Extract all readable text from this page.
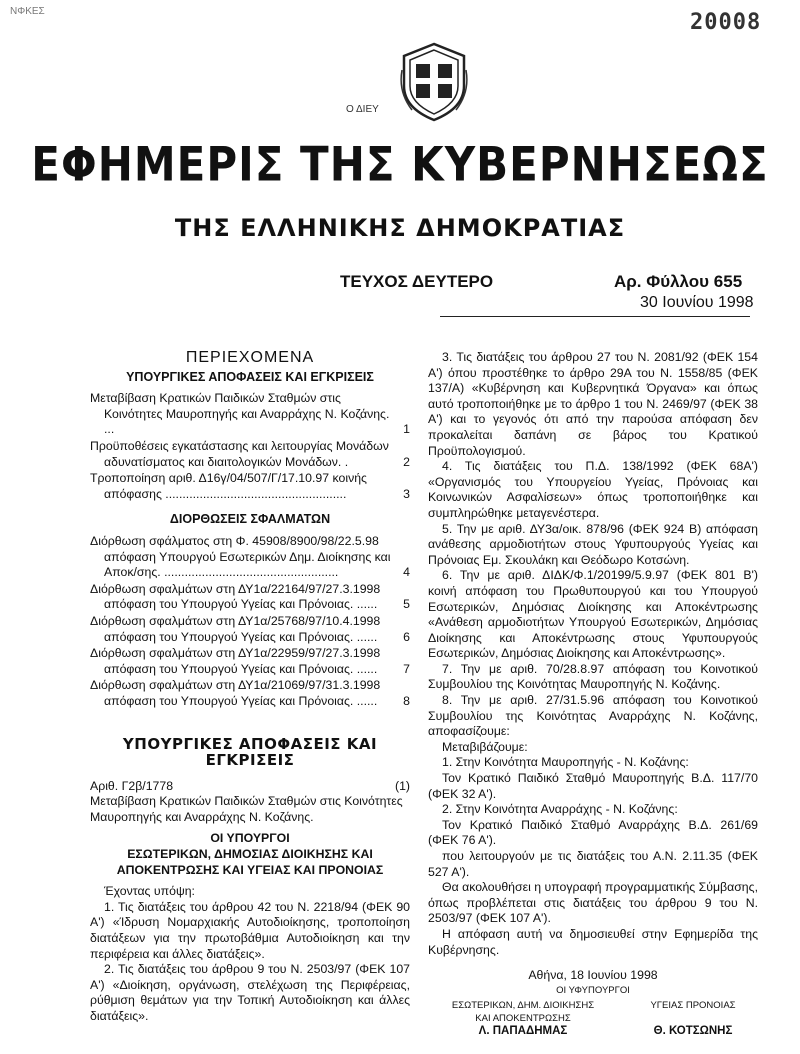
ΝΦΚΕΣ	20008
Ο ΔΙΕΥ
ΕΦΗΜΕΡΙΣ ΤΗΣ ΚΥΒΕΡΝΗΣΕΩΣ
ΤΗΣ ΕΛΛΗΝΙΚΗΣ ΔΗΜΟΚΡΑΤΙΑΣ
ΤΕΥΧΟΣ ΔΕΥΤΕΡΟ	Αρ. Φύλλου 655
30 Ιουνίου 1998
ΠΕΡΙΕΧΟΜΕΝΑ
ΥΠΟΥΡΓΙΚΕΣ ΑΠΟΦΑΣΕΙΣ ΚΑΙ ΕΓΚΡΙΣΕΙΣ
Μεταβίβαση Κρατικών Παιδικών Σταθμών στις Κοινότητες Μαυροπηγής και Αναρράχης Ν. Κοζάνης. ...	1
Προϋποθέσεις εγκατάστασης και λειτουργίας Μονάδων αδυνατίσματος και διαιτολογικών Μονάδων. .	2
Τροποποίηση αριθ. Δ16γ/04/507/Γ/17.10.97 κοινής απόφασης .....................................................	3
ΔΙΟΡΘΩΣΕΙΣ ΣΦΑΛΜΑΤΩΝ
Διόρθωση σφάλματος στη Φ. 45908/8900/98/22.5.98 απόφαση Υπουργού Εσωτερικών Δημ. Διοίκησης και Αποκ/σης. ...................................................	4
Διόρθωση σφαλμάτων στη ΔΥ1α/22164/97/27.3.1998 απόφαση του Υπουργού Υγείας και Πρόνοιας. ......	5
Διόρθωση σφαλμάτων στη ΔΥ1α/25768/97/10.4.1998 απόφαση του Υπουργού Υγείας και Πρόνοιας. ......	6
Διόρθωση σφαλμάτων στη ΔΥ1α/22959/97/27.3.1998 απόφαση του Υπουργού Υγείας και Πρόνοιας. ......	7
Διόρθωση σφαλμάτων στη ΔΥ1α/21069/97/31.3.1998 απόφαση του Υπουργού Υγείας και Πρόνοιας. ......	8
ΥΠΟΥΡΓΙΚΕΣ ΑΠΟΦΑΣΕΙΣ ΚΑΙ ΕΓΚΡΙΣΕΙΣ
Αριθ. Γ2β/1778	(1)

Μεταβίβαση Κρατικών Παιδικών Σταθμών στις Κοινότητες Μαυροπηγής και Αναρράχης Ν. Κοζάνης.

ΟΙ ΥΠΟΥΡΓΟΙ
ΕΣΩΤΕΡΙΚΩΝ, ΔΗΜΟΣΙΑΣ ΔΙΟΙΚΗΣΗΣ ΚΑΙ
ΑΠΟΚΕΝΤΡΩΣΗΣ ΚΑΙ ΥΓΕΙΑΣ ΚΑΙ ΠΡΟΝΟΙΑΣ

Έχοντας υπόψη:

1. Τις διατάξεις του άρθρου 42 του Ν. 2218/94 (ΦΕΚ 90 Α') «Ίδρυση Νομαρχιακής Αυτοδιοίκησης, τροποποίηση διατάξεων για την πρωτοβάθμια Αυτοδιοίκηση και την περιφέρεια και άλλες διατάξεις».

2. Τις διατάξεις του άρθρου 9 του Ν. 2503/97 (ΦΕΚ 107 Α') «Διοίκηση, οργάνωση, στελέχωση της Περιφέρειας, ρύθμιση θεμάτων για την Τοπική Αυτοδιοίκηση και άλλες διατάξεις».

3. Τις διατάξεις του άρθρου 27 του Ν. 2081/92 (ΦΕΚ 154 Α') όπου προστέθηκε το άρθρο 29Α του Ν. 1558/85 (ΦΕΚ 137/Α) «Κυβέρνηση και Κυβερνητικά Όργανα» και όπως αυτό τροποποιήθηκε με το άρθρο 1 του Ν. 2469/97 (ΦΕΚ 38 Α') και το γεγονός ότι από την παρούσα απόφαση δεν προκαλείται δαπάνη σε βάρος του Κρατικού Προϋπολογισμού.

4. Τις διατάξεις του Π.Δ. 138/1992 (ΦΕΚ 68Α') «Οργανισμός του Υπουργείου Υγείας, Πρόνοιας και Κοινωνικών Ασφαλίσεων» όπως τροποποιήθηκε και συμπληρώθηκε μεταγενέστερα.

5. Την με αριθ. ΔΥ3α/οικ. 878/96 (ΦΕΚ 924 Β) απόφαση ανάθεσης αρμοδιοτήτων στους Υφυπουργούς Υγείας και Πρόνοιας Εμ. Σκουλάκη και Θεόδωρο Κοτσώνη.

6. Την με αριθ. ΔΙΔΚ/Φ.1/20199/5.9.97 (ΦΕΚ 801 Β') κοινή απόφαση του Πρωθυπουργού και του Υπουργού Εσωτερικών, Δημόσιας Διοίκησης και Αποκέντρωσης «Ανάθεση αρμοδιοτήτων Υπουργού Εσωτερικών, Δημόσιας Διοίκησης και Αποκέντρωσης στους Υφυπουργούς Εσωτερικών, Δημόσιας Διοίκησης και Αποκέντρωσης».

7. Την με αριθ. 70/28.8.97 απόφαση του Κοινοτικού Συμβουλίου της Κοινότητας Μαυροπηγής Ν. Κοζάνης.

8. Την με αριθ. 27/31.5.96 απόφαση του Κοινοτικού Συμβουλίου της Κοινότητας Αναρράχης Ν. Κοζάνης, αποφασίζουμε:

Μεταβιβάζουμε:

1. Στην Κοινότητα Μαυροπηγής - Ν. Κοζάνης:

Τον Κρατικό Παιδικό Σταθμό Μαυροπηγής Β.Δ. 117/70 (ΦΕΚ 32 Α').

2. Στην Κοινότητα Αναρράχης - Ν. Κοζάνης:

Τον Κρατικό Παιδικό Σταθμό Αναρράχης Β.Δ. 261/69 (ΦΕΚ 76 Α').

που λειτουργούν με τις διατάξεις του Α.Ν. 2.11.35 (ΦΕΚ 527 Α').

Θα ακολουθήσει η υπογραφή προγραμματικής Σύμβασης, όπως προβλέπεται στις διατάξεις του άρθρου 9 του Ν. 2503/97 (ΦΕΚ 107 Α').

Η απόφαση αυτή να δημοσιευθεί στην Εφημερίδα της Κυβέρνησης.

Αθήνα, 18 Ιουνίου 1998
ΟΙ ΥΦΥΠΟΥΡΓΟΙ
ΕΣΩΤΕΡΙΚΩΝ, ΔΗΜ. ΔΙΟΙΚΗΣΗΣ
ΚΑΙ ΑΠΟΚΕΝΤΡΩΣΗΣ
Λ. ΠΑΠΑΔΗΜΑΣ
ΥΓΕΙΑΣ ΠΡΟΝΟΙΑΣ

Θ. ΚΟΤΣΩΝΗΣ
